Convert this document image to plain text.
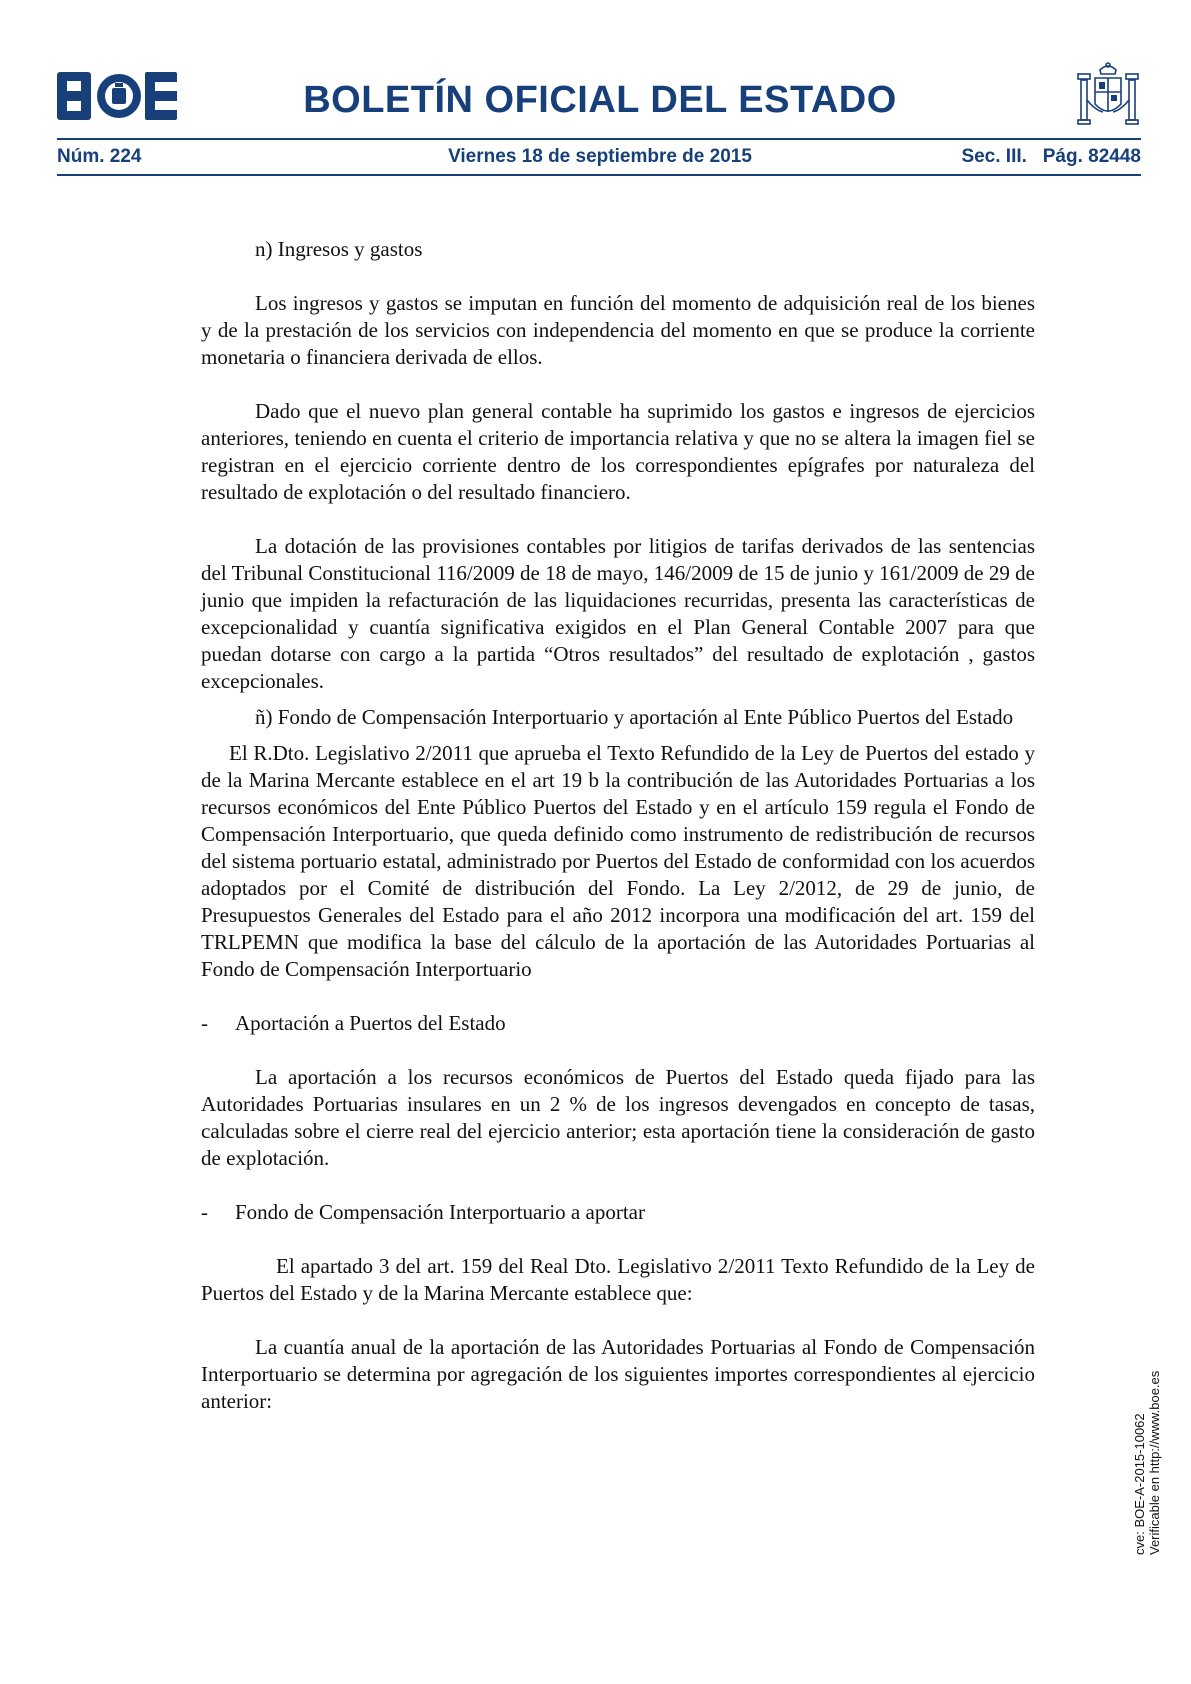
BOLETÍN OFICIAL DEL ESTADO
Núm. 224	Viernes 18 de septiembre de 2015	Sec. III.   Pág. 82448

n) Ingresos y gastos

Los ingresos y gastos se imputan en función del momento de adquisición real de los bienes y de la prestación de los servicios con independencia del momento en que se produce la corriente monetaria o financiera derivada de ellos.

Dado que el nuevo plan general contable ha suprimido los gastos e ingresos de ejercicios anteriores, teniendo en cuenta el criterio de importancia relativa y que no se altera la imagen fiel se registran en el ejercicio corriente dentro de los correspondientes epígrafes por naturaleza del resultado de explotación o del resultado financiero.

La dotación de las provisiones contables por litigios de tarifas derivados de las sentencias del Tribunal Constitucional 116/2009 de 18 de mayo, 146/2009 de 15 de junio y 161/2009 de 29 de junio que impiden la refacturación de las liquidaciones recurridas, presenta las características de excepcionalidad y cuantía significativa exigidos en el Plan General Contable 2007 para que puedan dotarse con cargo a la partida “Otros resultados” del resultado de explotación , gastos excepcionales.

ñ) Fondo de Compensación Interportuario y aportación al Ente Público Puertos del Estado

El R.Dto. Legislativo 2/2011 que aprueba el Texto Refundido de la Ley de Puertos del estado y de la Marina Mercante establece en el art 19 b la contribución de las Autoridades Portuarias a los recursos económicos del Ente Público Puertos del Estado y en el artículo 159 regula el Fondo de Compensación Interportuario, que queda definido como instrumento de redistribución de recursos del sistema portuario estatal, administrado por Puertos del Estado de conformidad con los acuerdos adoptados por el Comité de distribución del Fondo. La Ley 2/2012, de 29 de junio, de Presupuestos Generales del Estado para el año 2012 incorpora una modificación del art. 159 del TRLPEMN que modifica la base del cálculo de la aportación de las Autoridades Portuarias al Fondo de Compensación Interportuario

-	Aportación a Puertos del Estado

La aportación a los recursos económicos de Puertos del Estado queda fijado para las Autoridades Portuarias insulares en un 2 % de los ingresos devengados en concepto de tasas, calculadas sobre el cierre real del ejercicio anterior; esta aportación tiene la consideración de gasto de explotación.

-	Fondo de Compensación Interportuario a aportar

El apartado 3 del art. 159 del Real Dto. Legislativo 2/2011 Texto Refundido de la Ley de Puertos del Estado y de la Marina Mercante establece que:

La cuantía anual de la aportación de las Autoridades Portuarias al Fondo de Compensación Interportuario se determina por agregación de los siguientes importes correspondientes al ejercicio anterior:

cve: BOE-A-2015-10062 Verificable en http://www.boe.es
